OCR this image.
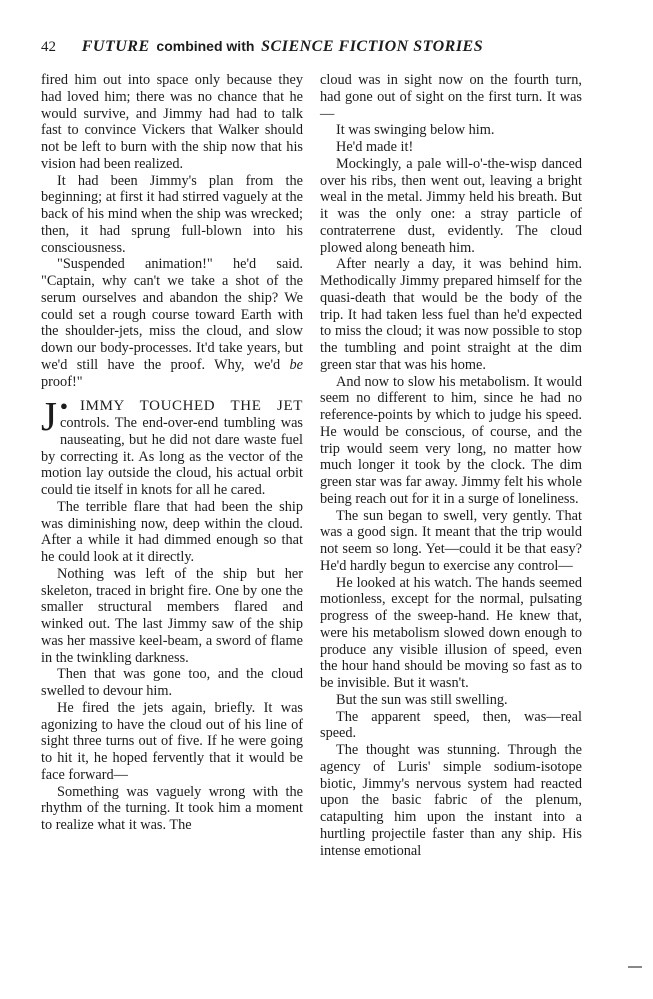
42 FUTURE combined with SCIENCE FICTION STORIES

fired him out into space only because they had loved him; there was no chance that he would survive, and Jimmy had had to talk fast to convince Vickers that Walker should not be left to burn with the ship now that his vision had been realized.

It had been Jimmy's plan from the beginning; at first it had stirred vaguely at the back of his mind when the ship was wrecked; then, it had sprung full-blown into his consciousness.

"Suspended animation!" he'd said. "Captain, why can't we take a shot of the serum ourselves and abandon the ship? We could set a rough course toward Earth with the shoulder-jets, miss the cloud, and slow down our body-processes. It'd take years, but we'd still have the proof. Why, we'd be proof!"

●
J IMMY TOUCHED THE JET controls. The end-over-end tumbling was nauseating, but he did not dare waste fuel by correcting it. As long as the vector of the motion lay outside the cloud, his actual orbit could tie itself in knots for all he cared.

The terrible flare that had been the ship was diminishing now, deep within the cloud. After a while it had dimmed enough so that he could look at it directly.

Nothing was left of the ship but her skeleton, traced in bright fire. One by one the smaller structural members flared and winked out. The last Jimmy saw of the ship was her massive keel-beam, a sword of flame in the twinkling darkness.

Then that was gone too, and the cloud swelled to devour him.

He fired the jets again, briefly. It was agonizing to have the cloud out of his line of sight three turns out of five. If he were going to hit it, he hoped fervently that it would be face forward—

Something was vaguely wrong with the rhythm of the turning. It took him a moment to realize what it was. The

cloud was in sight now on the fourth turn, had gone out of sight on the first turn. It was—

It was swinging below him.

He'd made it!

Mockingly, a pale will-o'-the-wisp danced over his ribs, then went out, leaving a bright weal in the metal. Jimmy held his breath. But it was the only one: a stray particle of contraterrene dust, evidently. The cloud plowed along beneath him.

After nearly a day, it was behind him. Methodically Jimmy prepared himself for the quasi-death that would be the body of the trip. It had taken less fuel than he'd expected to miss the cloud; it was now possible to stop the tumbling and point straight at the dim green star that was his home.

And now to slow his metabolism. It would seem no different to him, since he had no reference-points by which to judge his speed. He would be conscious, of course, and the trip would seem very long, no matter how much longer it took by the clock. The dim green star was far away. Jimmy felt his whole being reach out for it in a surge of loneliness.

The sun began to swell, very gently. That was a good sign. It meant that the trip would not seem so long. Yet—could it be that easy? He'd hardly begun to exercise any control—

He looked at his watch. The hands seemed motionless, except for the normal, pulsating progress of the sweep-hand. He knew that, were his metabolism slowed down enough to produce any visible illusion of speed, even the hour hand should be moving so fast as to be invisible. But it wasn't.

But the sun was still swelling.

The apparent speed, then, was—real speed.

The thought was stunning. Through the agency of Luris' simple sodium-isotope biotic, Jimmy's nervous system had reacted upon the basic fabric of the plenum, catapulting him upon the instant into a hurtling projectile faster than any ship. His intense emotional
